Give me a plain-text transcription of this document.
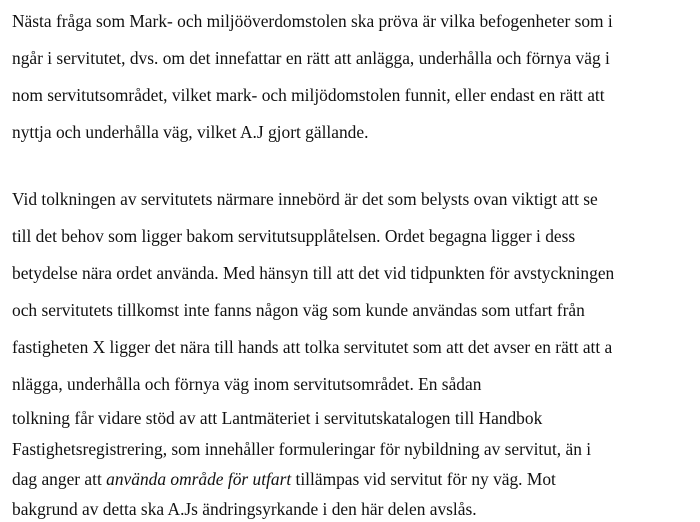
Nästa fråga som Mark- och miljööverdomstolen ska pröva är vilka befogenheter som i
ngår i servitutet, dvs. om det innefattar en rätt att anlägga, underhålla och förnya väg i
nom servitutsområdet, vilket mark- och miljödomstolen funnit, eller endast en rätt att
nyttja och underhålla väg, vilket A.J gjort gällande.
Vid tolkningen av servitutets närmare innebörd är det som belysts ovan viktigt att se
till det behov som ligger bakom servitutsupplåtelsen. Ordet begagna ligger i dess
betydelse nära ordet använda. Med hänsyn till att det vid tidpunkten för avstyckningen
och servitutets tillkomst inte fanns någon väg som kunde användas som utfart från
fastigheten X ligger det nära till hands att tolka servitutet som att det avser en rätt att a
nlägga, underhålla och förnya väg inom servitutsområdet. En sådan
tolkning får vidare stöd av att Lantmäteriet i servitutskatalogen till Handbok
Fastighetsregistrering, som innehåller formuleringar för nybildning av servitut, än i
dag anger att använda område för utfart tillämpas vid servitut för ny väg. Mot
bakgrund av detta ska A.Js ändringsyrkande i den här delen avslås.
